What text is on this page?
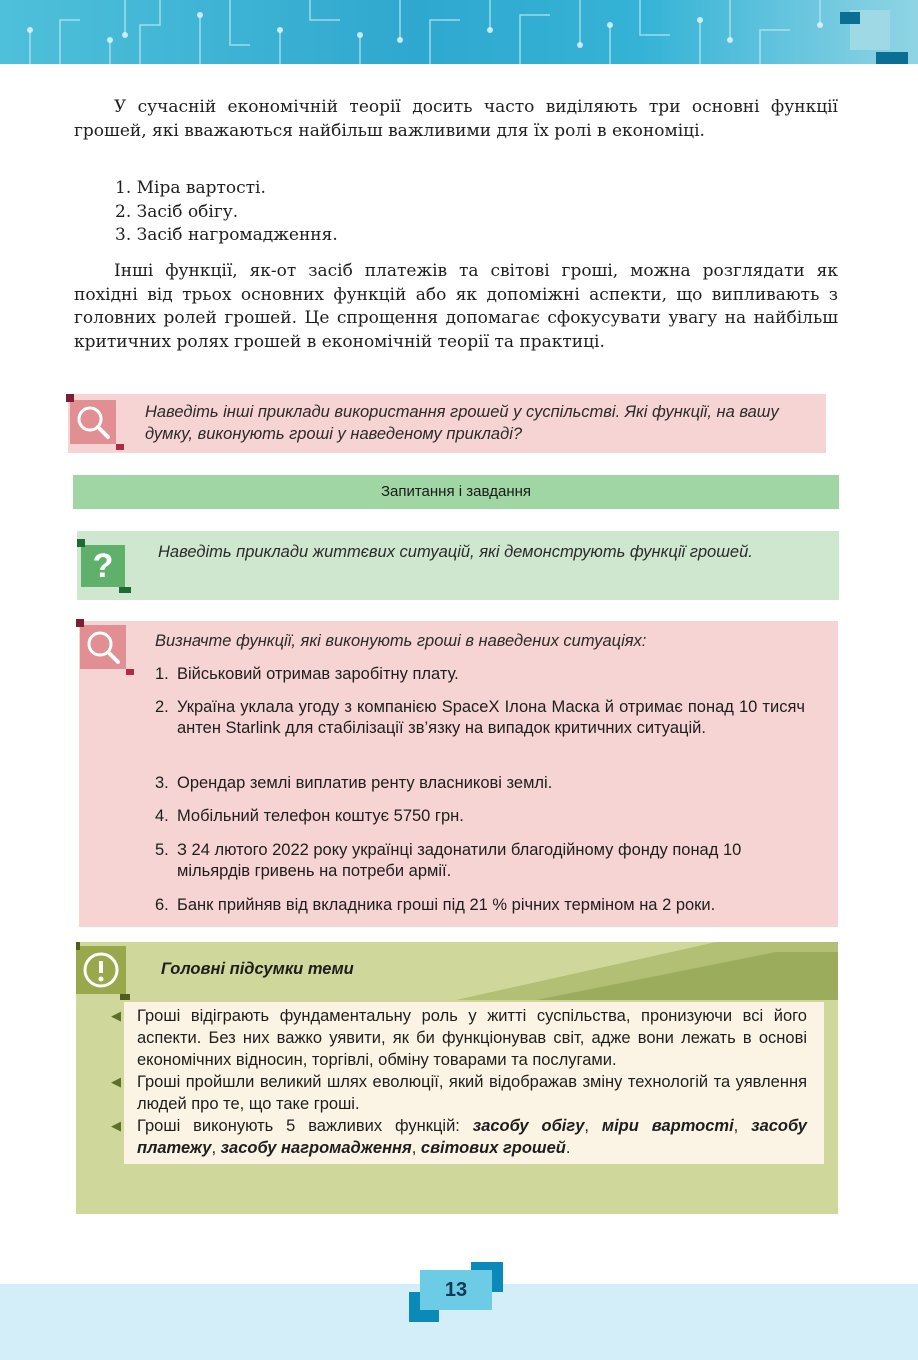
У сучасній економічній теорії досить часто виділяють три основні функції грошей, які вважаються найбільш важливими для їх ролі в економіці.

1. Міра вартості.
2. Засіб обігу.
3. Засіб нагромадження.

Інші функції, як-от засіб платежів та світові гроші, можна розглядати як похідні від трьох основних функцій або як допоміжні аспекти, що випливають з головних ролей грошей. Це спрощення допомагає сфокусувати увагу на найбільш критичних ролях грошей в економічній теорії та практиці.

Наведіть інші приклади використання грошей у суспільстві. Які функції, на вашу думку, виконують гроші у наведеному прикладі?
Запитання і завдання
?	Наведіть приклади життєвих ситуацій, які демонструють функції грошей.
Визначте функції, які виконують гроші в наведених ситуаціях:
1. Військовий отримав заробітну плату.
2. Україна уклала угоду з компанією SpaceX Ілона Маска й отримає понад 10 тисяч антен Starlink для стабілізації зв’язку на випадок критичних ситуацій.
3. Орендар землі виплатив ренту власникові землі.
4. Мобільний телефон коштує 5750 грн.
5. З 24 лютого 2022 року українці задонатили благодійному фонду понад 10 мільярдів гривень на потреби армії.
6. Банк прийняв від вкладника гроші під 21 % річних терміном на 2 роки.
Головні підсумки теми
◀ Гроші відіграють фундаментальну роль у житті суспільства, пронизуючи всі його аспекти. Без них важко уявити, як би функціонував світ, адже вони лежать в основі економічних відносин, торгівлі, обміну товарами та послугами.
◀ Гроші пройшли великий шлях еволюції, який відображав зміну технологій та уявлення людей про те, що таке гроші.
◀ Гроші виконують 5 важливих функцій: засобу обігу, міри вартості, засобу платежу, засобу нагромадження, світових грошей.
13
